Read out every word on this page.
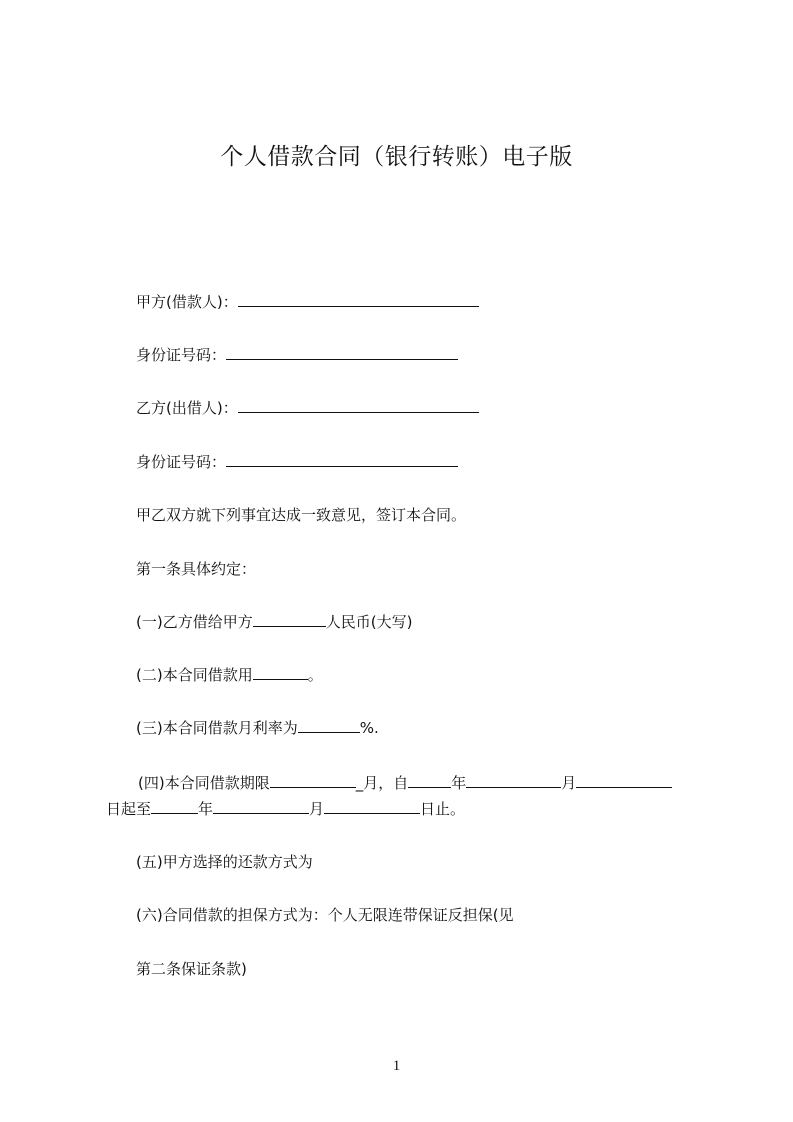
个人借款合同（银行转账）电子版
甲方(借款人)：
身份证号码：
乙方(出借人)：
身份证号码：
甲乙双方就下列事宜达成一致意见，签订本合同。
第一条具体约定：
(一)乙方借给甲方	人民币(大写)
(二)本合同借款用	。
(三)本合同借款月利率为	%.
(四)本合同借款期限	_月，自	年	月
日起至	年	月	日止。
(五)甲方选择的还款方式为
(六)合同借款的担保方式为：个人无限连带保证反担保(见
第二条保证条款)
1
